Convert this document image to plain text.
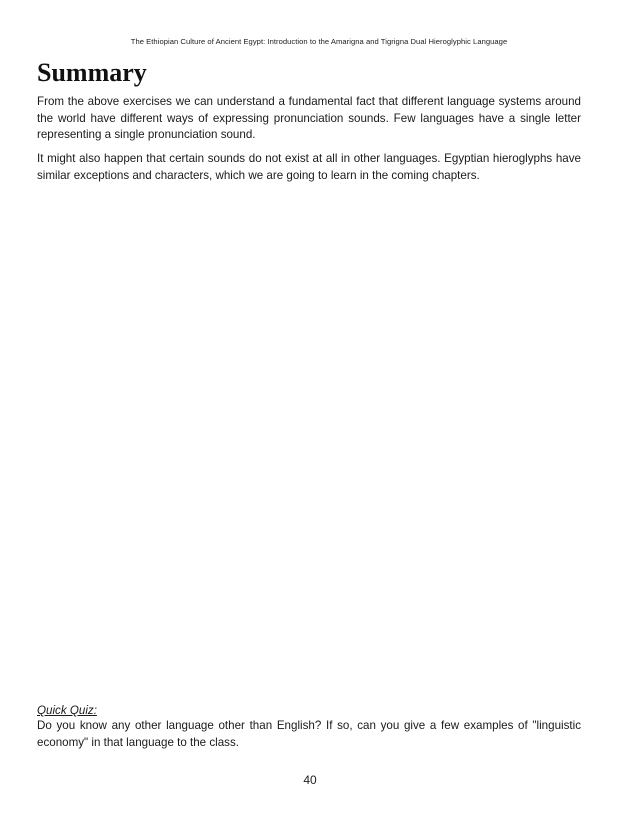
The Ethiopian Culture of Ancient Egypt: Introduction to the Amarigna and Tigrigna Dual Hieroglyphic Language
Summary

From the above exercises we can understand a fundamental fact that different language systems around the world have different ways of expressing pronunciation sounds. Few languages have a single letter representing a single pronunciation sound.

It might also happen that certain sounds do not exist at all in other languages. Egyptian hieroglyphs have similar exceptions and characters, which we are going to learn in the coming chapters.

Quick Quiz:

Do you know any other language other than English? If so, can you give a few examples of "linguistic economy" in that language to the class.

40
